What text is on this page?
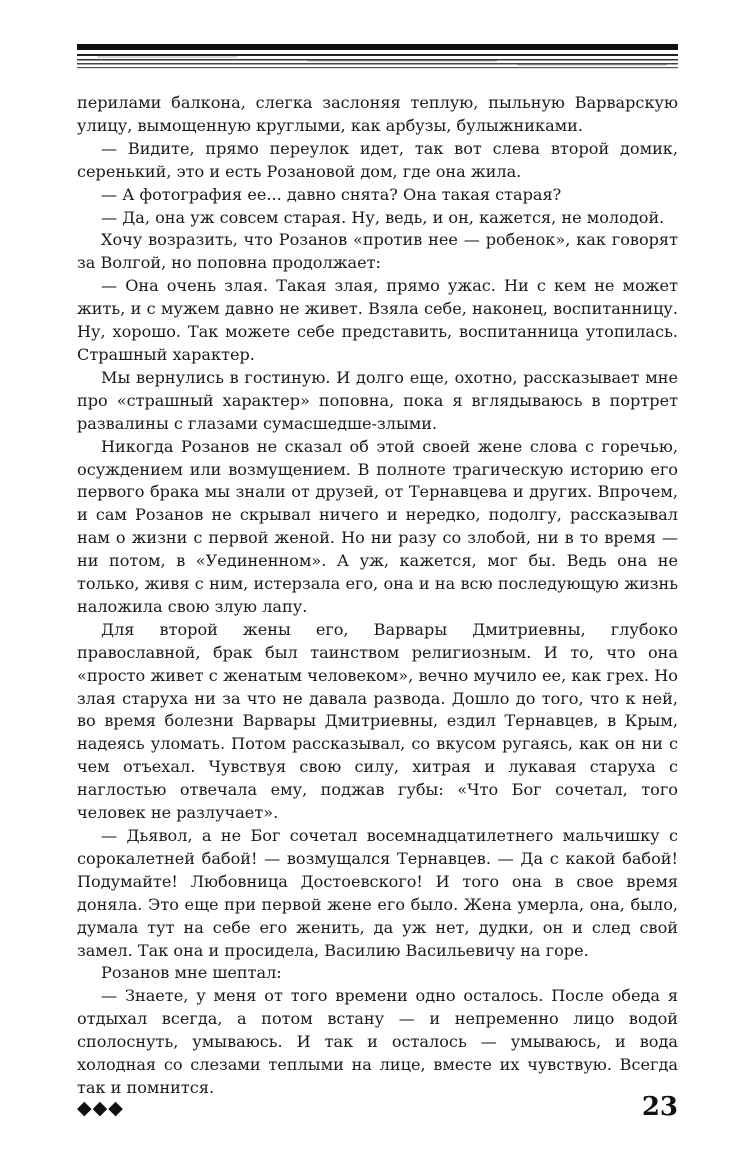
перилами балкона, слегка заслоняя теплую, пыльную Варварскую улицу, вымощенную круглыми, как арбузы, булыжниками.

— Видите, прямо переулок идет, так вот слева второй домик, серенький, это и есть Розановой дом, где она жила.

— А фотография ее... давно снята? Она такая старая?

— Да, она уж совсем старая. Ну, ведь, и он, кажется, не молодой.

Хочу возразить, что Розанов «против нее — робенок», как говорят за Волгой, но поповна продолжает:

— Она очень злая. Такая злая, прямо ужас. Ни с кем не может жить, и с мужем давно не живет. Взяла себе, наконец, воспитанницу. Ну, хорошо. Так можете себе представить, воспитанница утопилась. Страшный характер.

Мы вернулись в гостиную. И долго еще, охотно, рассказывает мне про «страшный характер» поповна, пока я вглядываюсь в портрет развалины с глазами сумасшедше-злыми.

Никогда Розанов не сказал об этой своей жене слова с горечью, осуждением или возмущением. В полноте трагическую историю его первого брака мы знали от друзей, от Тернавцева и других. Впрочем, и сам Розанов не скрывал ничего и нередко, подолгу, рассказывал нам о жизни с первой женой. Но ни разу со злобой, ни в то время — ни потом, в «Уединенном». А уж, кажется, мог бы. Ведь она не только, живя с ним, истерзала его, она и на всю последующую жизнь наложила свою злую лапу.

Для второй жены его, Варвары Дмитриевны, глубоко православной, брак был таинством религиозным. И то, что она «просто живет с женатым человеком», вечно мучило ее, как грех. Но злая старуха ни за что не давала развода. Дошло до того, что к ней, во время болезни Варвары Дмитриевны, ездил Тернавцев, в Крым, надеясь уломать. Потом рассказывал, со вкусом ругаясь, как он ни с чем отъехал. Чувствуя свою силу, хитрая и лукавая старуха с наглостью отвечала ему, поджав губы: «Что Бог сочетал, того человек не разлучает».

— Дьявол, а не Бог сочетал восемнадцатилетнего мальчишку с сорокалетней бабой! — возмущался Тернавцев. — Да с какой бабой! Подумайте! Любовница Достоевского! И того она в свое время донялa. Это еще при первой жене его было. Жена умерла, она, было, думала тут на себе его женить, да уж нет, дудки, он и след свой замел. Так она и просидела, Василию Васильевичу на горе.

Розанов мне шептал:

— Знаете, у меня от того времени одно осталось. После обеда я отдыхал всегда, а потом встану — и непременно лицо водой сполоснуть, умываюсь. И так и осталось — умываюсь, и вода холодная со слезами теплыми на лице, вместе их чувствую. Всегда так и помнится.

◆◆◆	23
